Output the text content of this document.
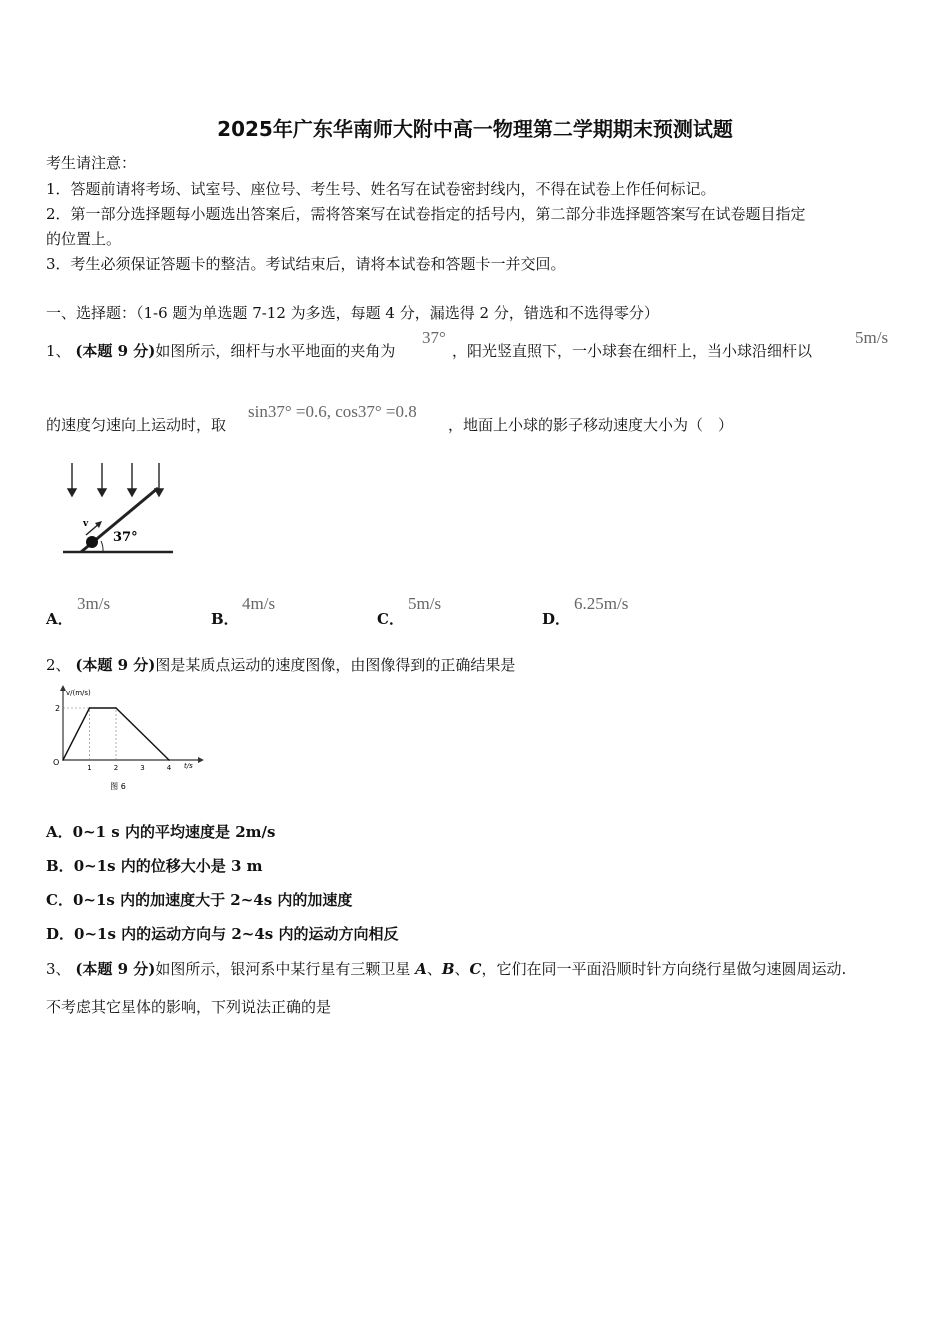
2025年广东华南师大附中高一物理第二学期期末预测试题
考生请注意：
1．答题前请将考场、试室号、座位号、考生号、姓名写在试卷密封线内，不得在试卷上作任何标记。
2．第一部分选择题每小题选出答案后，需将答案写在试卷指定的括号内，第二部分非选择题答案写在试卷题目指定
的位置上。
3．考生必须保证答题卡的整洁。考试结束后，请将本试卷和答题卡一并交回。
一、选择题：（1-6 题为单选题 7-12 为多选，每题 4 分，漏选得 2 分，错选和不选得零分）
1、 (本题 9 分)如图所示，细杆与水平地面的夹角为
37°
，阳光竖直照下，一小球套在细杆上，当小球沿细杆以
5m/s
的速度匀速向上运动时，取
sin37° =0.6, cos37° =0.8
，地面上小球的影子移动速度大小为（　）
v
37°
A．
3m/s
B．
4m/s
C．
5m/s
D．
6.25m/s
2、 (本题 9 分)图是某质点运动的速度图像，由图像得到的正确结果是
v/(m/s)
t/s
O
2
1	2	3	4
图 6
A．0~1 s 内的平均速度是 2m/s
B．0~1s 内的位移大小是 3 m
C．0~1s 内的加速度大于 2~4s 内的加速度
D．0~1s 内的运动方向与 2~4s 内的运动方向相反
3、 (本题 9 分)如图所示，银河系中某行星有三颗卫星 A、B、C，它们在同一平面沿顺时针方向绕行星做匀速圆周运动.
不考虑其它星体的影响，下列说法正确的是
